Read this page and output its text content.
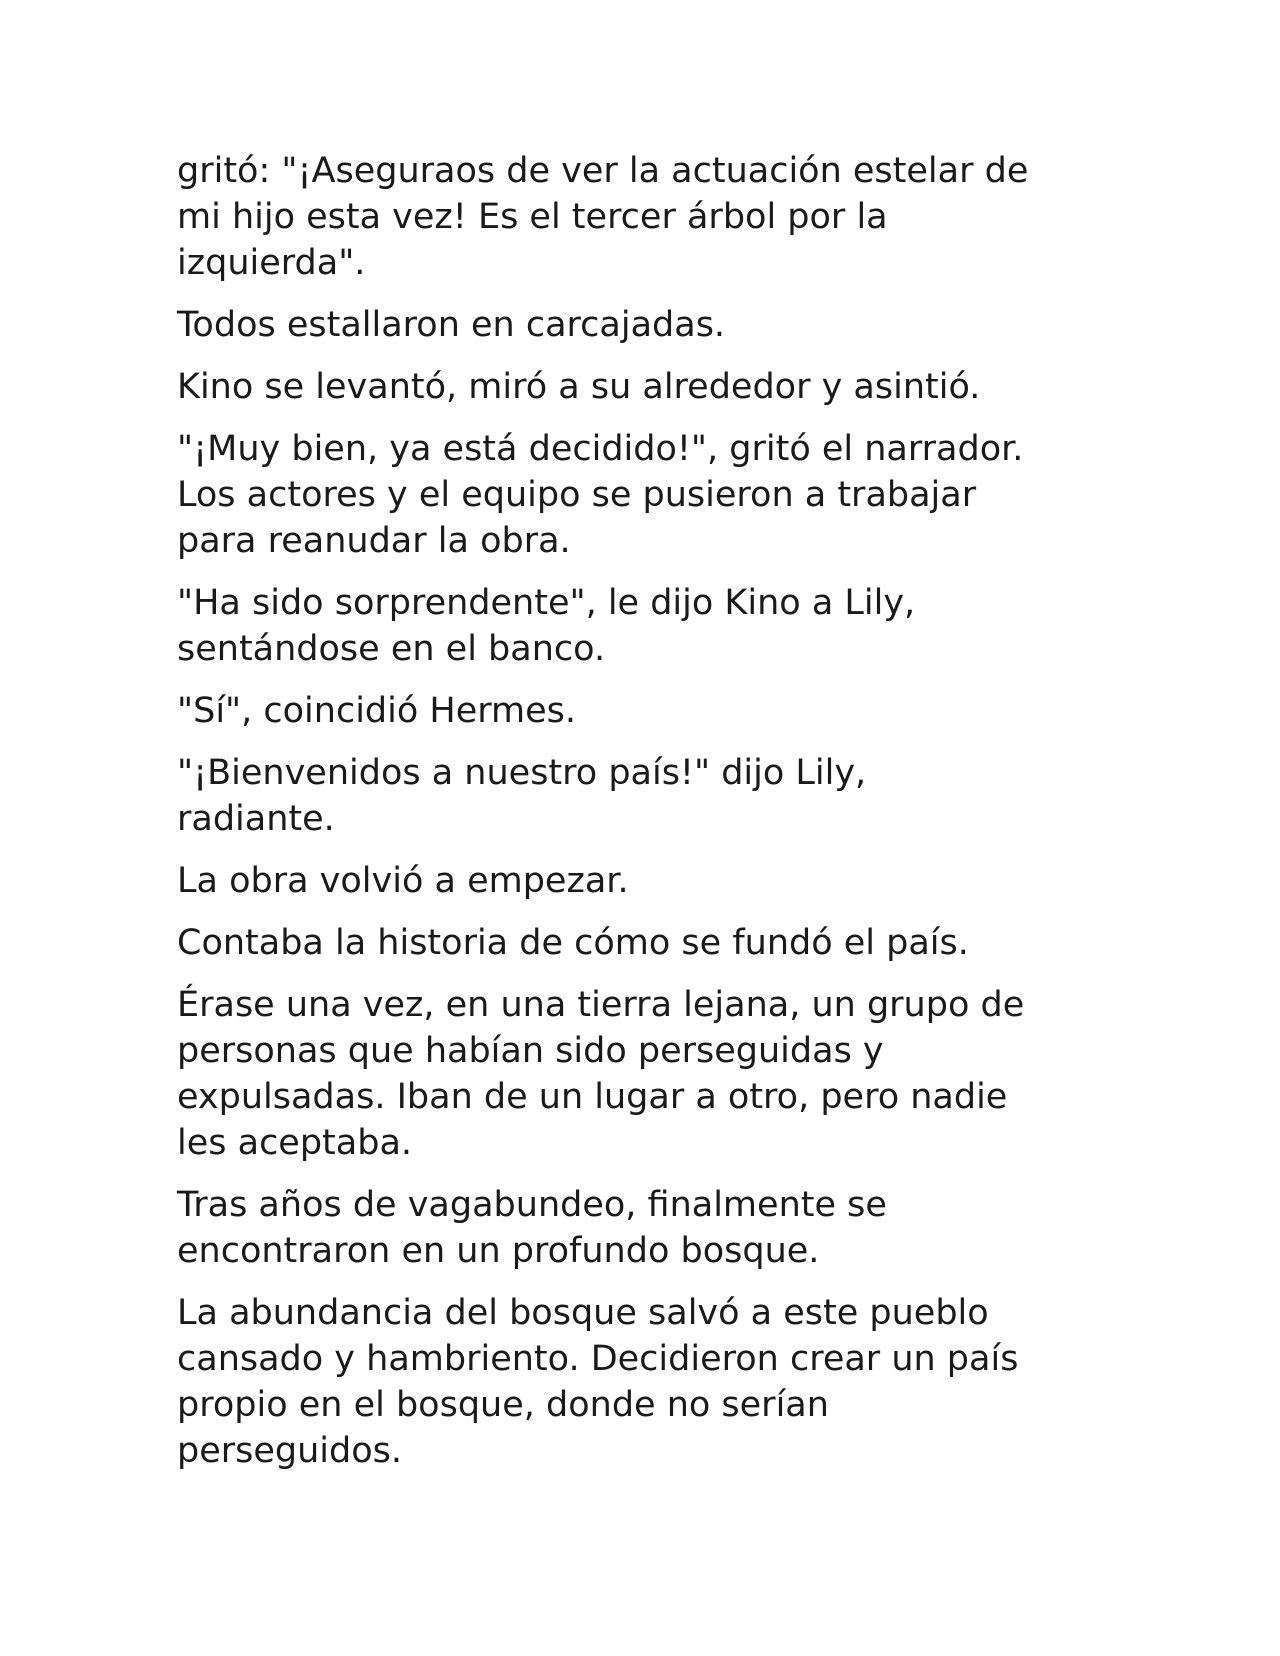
gritó: "¡Aseguraos de ver la actuación estelar de
mi hijo esta vez! Es el tercer árbol por la
izquierda".

Todos estallaron en carcajadas.

Kino se levantó, miró a su alrededor y asintió.

"¡Muy bien, ya está decidido!", gritó el narrador.
Los actores y el equipo se pusieron a trabajar
para reanudar la obra.

"Ha sido sorprendente", le dijo Kino a Lily,
sentándose en el banco.

"Sí", coincidió Hermes.

"¡Bienvenidos a nuestro país!" dijo Lily,
radiante.

La obra volvió a empezar.

Contaba la historia de cómo se fundó el país.

Érase una vez, en una tierra lejana, un grupo de
personas que habían sido perseguidas y
expulsadas. Iban de un lugar a otro, pero nadie
les aceptaba.

Tras años de vagabundeo, finalmente se
encontraron en un profundo bosque.

La abundancia del bosque salvó a este pueblo
cansado y hambriento. Decidieron crear un país
propio en el bosque, donde no serían
perseguidos.
